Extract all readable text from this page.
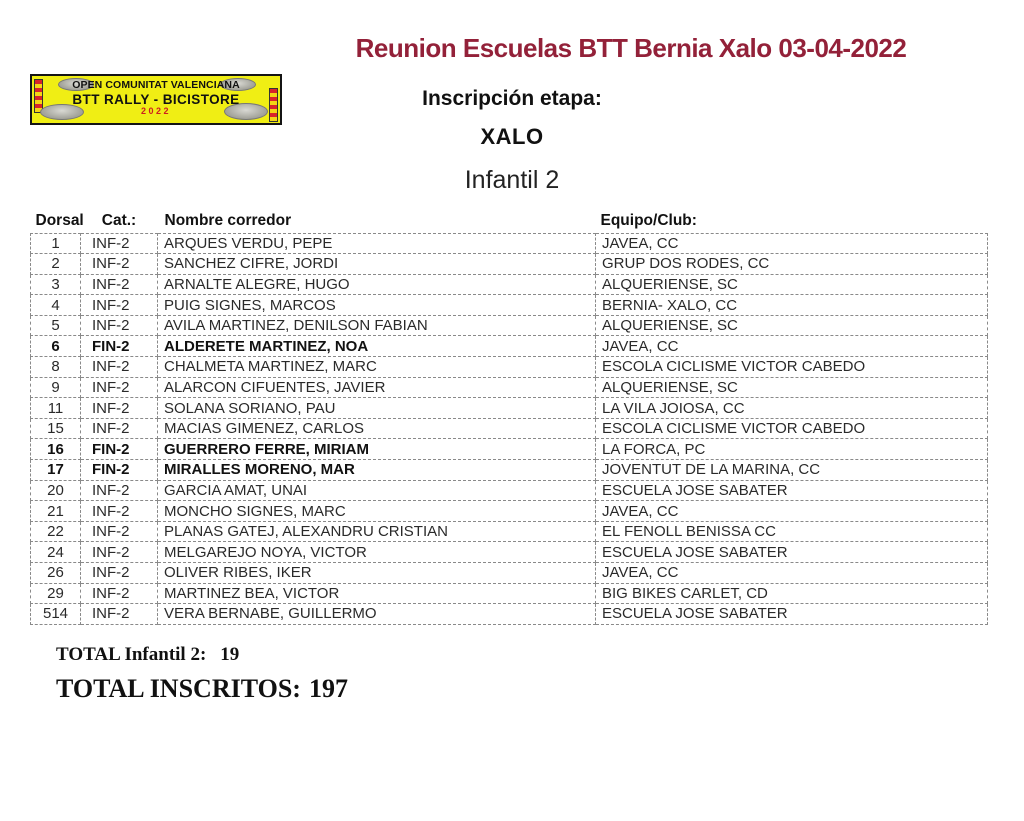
Reunion Escuelas BTT Bernia Xalo 03-04-2022
OPEN COMUNITAT VALENCIANA
BTT RALLY - BICISTORE
2022
Inscripción etapa:
XALO
Infantil 2
Dorsal	Cat.:	Nombre corredor	Equipo/Club:
1	INF-2	ARQUES VERDU, PEPE	JAVEA, CC
2	INF-2	SANCHEZ CIFRE, JORDI	GRUP DOS RODES, CC
3	INF-2	ARNALTE ALEGRE, HUGO	ALQUERIENSE, SC
4	INF-2	PUIG SIGNES, MARCOS	BERNIA- XALO, CC
5	INF-2	AVILA MARTINEZ, DENILSON FABIAN	ALQUERIENSE, SC
6	FIN-2	ALDERETE MARTINEZ, NOA	JAVEA, CC
8	INF-2	CHALMETA MARTINEZ, MARC	ESCOLA CICLISME VICTOR CABEDO
9	INF-2	ALARCON CIFUENTES, JAVIER	ALQUERIENSE, SC
11	INF-2	SOLANA SORIANO, PAU	LA VILA JOIOSA, CC
15	INF-2	MACIAS GIMENEZ, CARLOS	ESCOLA CICLISME VICTOR CABEDO
16	FIN-2	GUERRERO FERRE, MIRIAM	LA FORCA, PC
17	FIN-2	MIRALLES MORENO, MAR	JOVENTUT DE LA MARINA, CC
20	INF-2	GARCIA AMAT, UNAI	ESCUELA JOSE SABATER
21	INF-2	MONCHO SIGNES, MARC	JAVEA, CC
22	INF-2	PLANAS GATEJ, ALEXANDRU CRISTIAN	EL FENOLL BENISSA CC
24	INF-2	MELGAREJO NOYA, VICTOR	ESCUELA JOSE SABATER
26	INF-2	OLIVER RIBES, IKER	JAVEA, CC
29	INF-2	MARTINEZ BEA, VICTOR	BIG BIKES CARLET, CD
514	INF-2	VERA BERNABE, GUILLERMO	ESCUELA JOSE SABATER
TOTAL Infantil 2: 19
TOTAL INSCRITOS: 197
